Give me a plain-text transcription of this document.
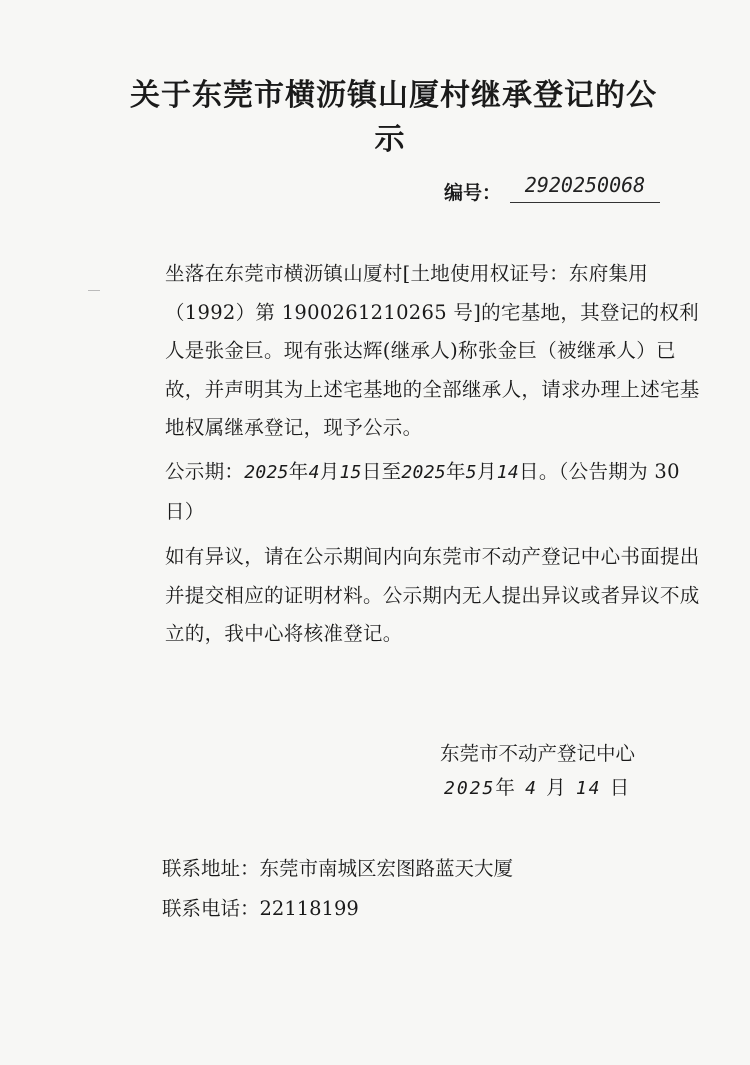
关于东莞市横沥镇山厦村继承登记的公
示
编号：	2920250068
坐落在东莞市横沥镇山厦村[土地使用权证号：东府集用（1992）第 1900261210265 号]的宅基地，其登记的权利人是张金巨。现有张达辉(继承人)称张金巨（被继承人）已故，并声明其为上述宅基地的全部继承人，请求办理上述宅基地权属继承登记，现予公示。
公示期：2025年4月15日至2025年5月14日。（公告期为 30 日）
如有异议，请在公示期间内向东莞市不动产登记中心书面提出并提交相应的证明材料。公示期内无人提出异议或者异议不成立的，我中心将核准登记。
东莞市不动产登记中心
2025年 4 月 14 日
联系地址：东莞市南城区宏图路蓝天大厦
联系电话：22118199
